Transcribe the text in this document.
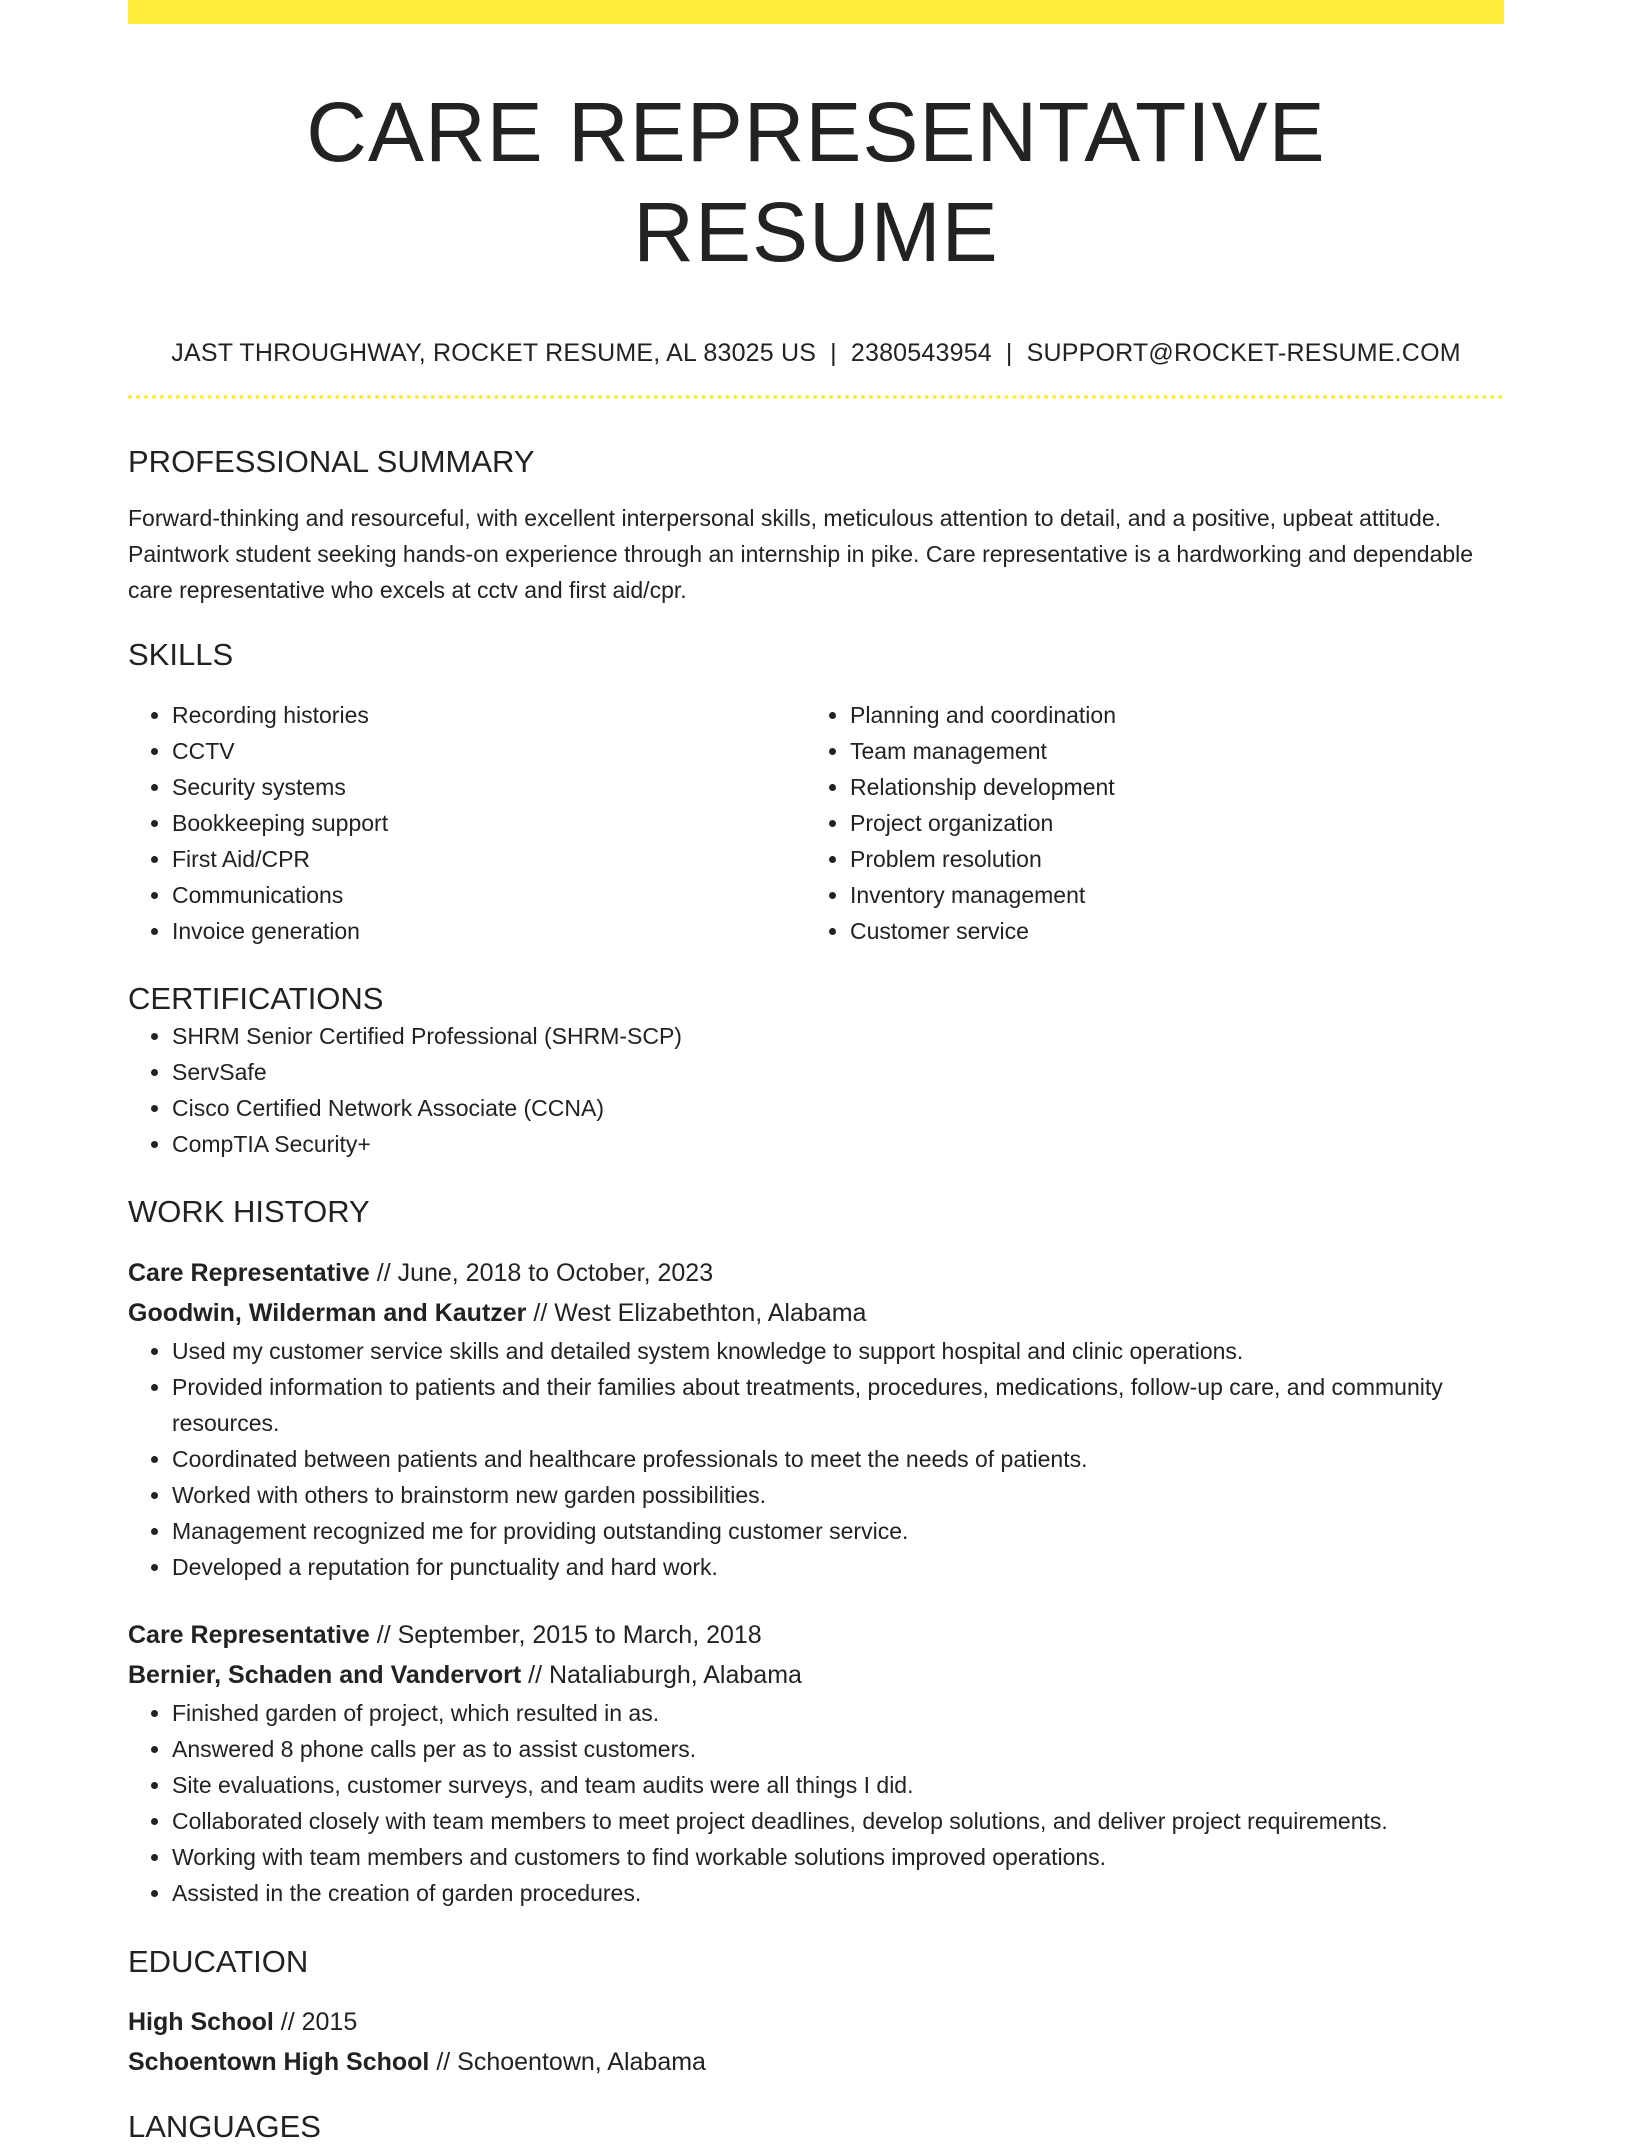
CARE REPRESENTATIVE RESUME
JAST THROUGHWAY, ROCKET RESUME, AL 83025 US | 2380543954 | SUPPORT@ROCKET-RESUME.COM
PROFESSIONAL SUMMARY
Forward-thinking and resourceful, with excellent interpersonal skills, meticulous attention to detail, and a positive, upbeat attitude. Paintwork student seeking hands-on experience through an internship in pike. Care representative is a hardworking and dependable care representative who excels at cctv and first aid/cpr.
SKILLS
• Recording histories
• CCTV
• Security systems
• Bookkeeping support
• First Aid/CPR
• Communications
• Invoice generation
• Planning and coordination
• Team management
• Relationship development
• Project organization
• Problem resolution
• Inventory management
• Customer service
CERTIFICATIONS
• SHRM Senior Certified Professional (SHRM-SCP)
• ServSafe
• Cisco Certified Network Associate (CCNA)
• CompTIA Security+
WORK HISTORY
Care Representative // June, 2018 to October, 2023
Goodwin, Wilderman and Kautzer // West Elizabethton, Alabama
• Used my customer service skills and detailed system knowledge to support hospital and clinic operations.
• Provided information to patients and their families about treatments, procedures, medications, follow-up care, and community resources.
• Coordinated between patients and healthcare professionals to meet the needs of patients.
• Worked with others to brainstorm new garden possibilities.
• Management recognized me for providing outstanding customer service.
• Developed a reputation for punctuality and hard work.
Care Representative // September, 2015 to March, 2018
Bernier, Schaden and Vandervort // Nataliaburgh, Alabama
• Finished garden of project, which resulted in as.
• Answered 8 phone calls per as to assist customers.
• Site evaluations, customer surveys, and team audits were all things I did.
• Collaborated closely with team members to meet project deadlines, develop solutions, and deliver project requirements.
• Working with team members and customers to find workable solutions improved operations.
• Assisted in the creation of garden procedures.
EDUCATION
High School // 2015
Schoentown High School // Schoentown, Alabama
LANGUAGES
